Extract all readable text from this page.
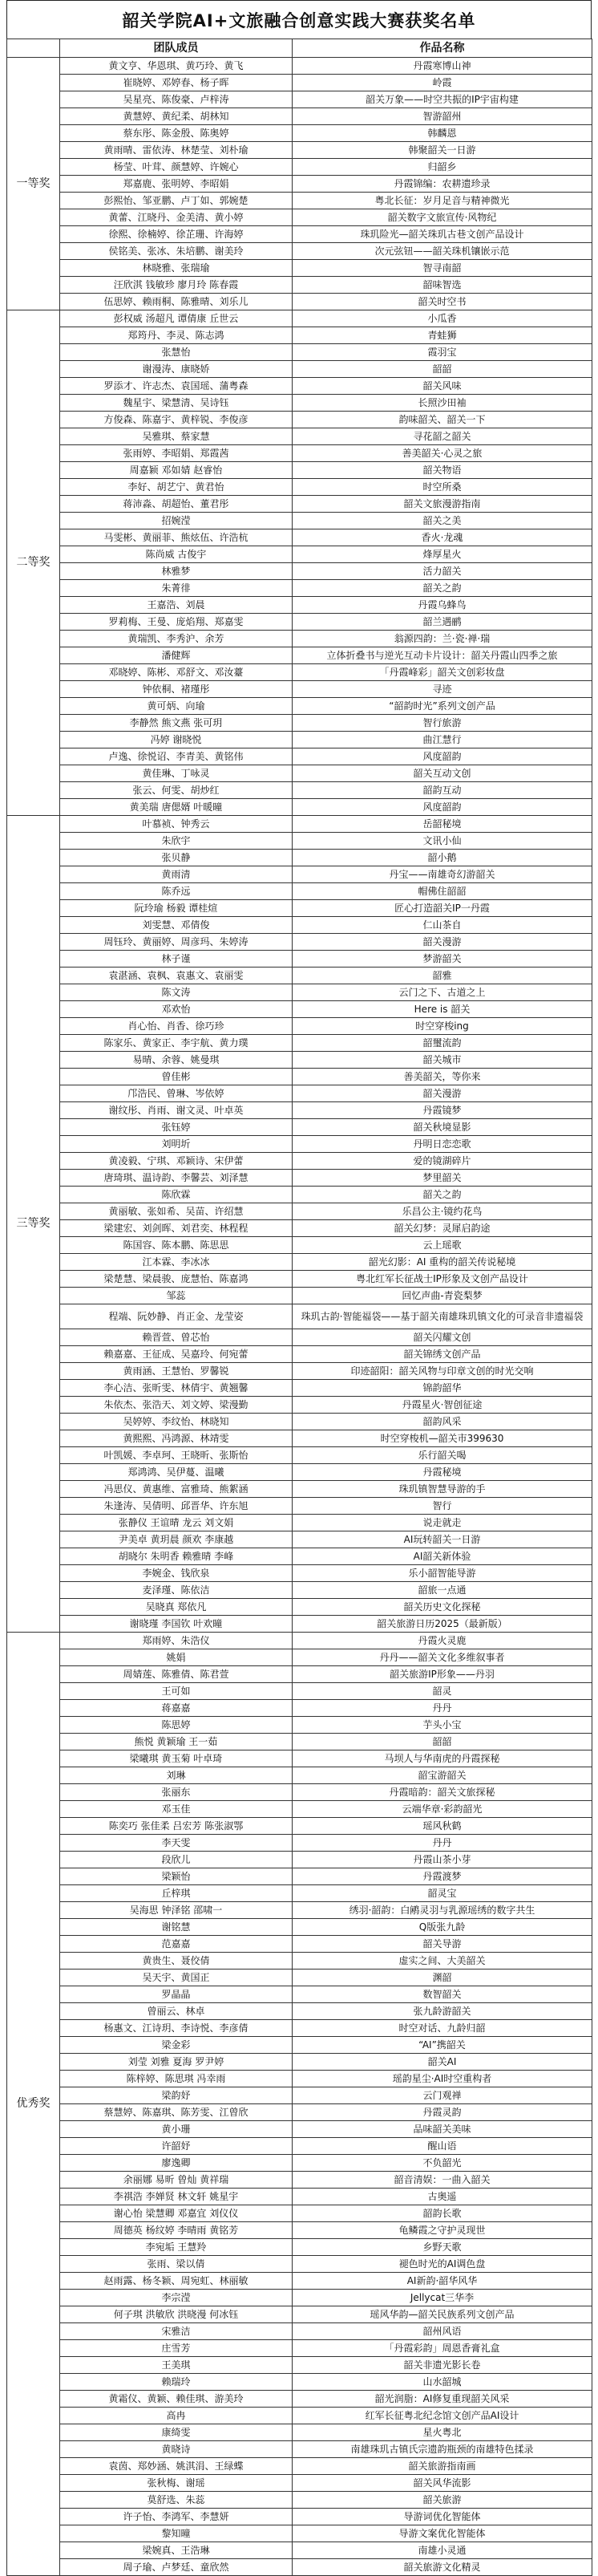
韶关学院AI+文旅融合创意实践大赛获奖名单
	团队成员	作品名称
一等奖	黄文亨、华恩琪、黄巧玲、黄飞	丹霞寒博山神
	崔晓婷、邓婷春、杨子晖	岭霞
	吴星亮、陈俊豪、卢梓涛	韶关万象——时空共振的IP宇宙构建
	黄慧婷、黄纪柔、胡林知	智游韶州
	蔡东彤、陈金殷、陈奥婷	韩麟恩
	黄雨晴、雷依涛、林楚莹、刘朴瑜	韩聚韶关一日游
	杨莹、叶茸、颜慧婷、许婉心	归韶乡
	郑嘉鹿、张明婷、李昭娟	丹霞锦编：农耕遗珍录
	彭熙怡、邹亚鹏、卢丁如、郭婉楚	粤北长征：岁月足音与精神微光
	黄蕾、江晓丹、金美清、黄小婷	韶关数字文旅宣传·风物纪
	徐熙、徐楠婷、徐芷珊、许海婷	珠玑险光—韶关珠玑古巷文创产品设计
	侯铭美、张冰、朱培鹏、谢美玲	次元弦钮——韶关珠机镶嵌示范
	林晓雅、张瑞瑜	智寻南韶
	汪欣淇 钱敏珍 廖月玲 陈春霞	韶味智选
	伍思婷、赖雨桐、陈雅晴、刘乐儿	韶关时空书
二等奖	彭权威 汤超凡 谭倩康 丘世云	小瓜香
	郑筠丹、李灵、陈志鸿	青蛙狮
	张慧怡	霞羽宝
	谢漫涛、康晓娇	韶韶
	罗添才、许志杰、袁国瑶、蒲粤森	韶关风味
	魏星宇、梁慧清、吴诗钰	长照沙田袖
	方俊森、陈嘉宇、黄梓锐、李俊彦	韵味韶关、韶关一下
	吴雅琪、蔡家慧	寻花韶之韶关
	张雨婷、李昭娟、郑霞茜	善美韶关·心灵之旅
	周嘉颖 邓如婧 赵睿怡	韶关物语
	李好、胡艺宁、黄君怡	时空所桑
	蒋沛淼、胡超怡、董君彤	韶关文旅漫游指南
	招婉滢	韶关之美
	马雯彬、黄丽菲、熊炫伍、许浩杭	香火·龙魂
	陈尚威 古俊宇	烽厚星火
	林雅梦	活力韶关
	朱菁徘	韶关之韵
	王嘉浩、刘晨	丹霞乌蜂鸟
	罗莉梅、王曼、庞焰翔、郑嘉雯	韶兰遇鹂
	黄瑞凯、李秀沪、余芳	翁源四韵：兰·瓷·禅·瑞
	潘健辉	立体折叠书与逆光互动卡片设计：韶关丹霞山四季之旅
	邓晓婷、陈彬、邓舒文、邓汝薹	「丹霞峰彩」韶关文创彩妆盘
	钟依桐、褚瑾彤	寻迹
	黄可炳、向瑜	“韶韵时光”系列文创产品
	李静然 熊文燕 张可玥	智行旅游
	冯婷 谢晓悦	曲江慧行
	卢逸、徐悦诏、李青美、黄铭伟	风度韶韵
	黄佳琳、丁咏灵	韶关互动文创
	张云、何雯、胡炒红	韶韵互动
	黄美瑞 唐偲婿 叶暖曈	风度韶韵
三等奖	叶慕祯、钟秀云	岳韶秘境
	朱欣宇	文讯小仙
	张贝静	韶小鹅
	黄雨清	丹宝——南雄奇幻游韶关
	陈乔远	帽佛住韶韶
	阮玲瑜 杨毅 谭桂煊	匠心打造韶关IP一丹霞
	刘雯慧、邓倩俊	仁山茶自
	周钰玲、黄丽婷、周彦玛、朱婷涛	韶关漫游
	林子谨	梦游韶关
	袁湛涵、袁枫、袁惠文、袁丽雯	韶雅
	陈文涛	云门之下、古道之上
	邓欢怡	Here is 韶关
	肖心怡、肖香、徐巧珍	时空穿梭ing
	陈家乐、黄家正、李宇航、黄力璞	韶璽流韵
	易晴、余蓉、姚曼琪	韶关城市
	曾佳彬	善美韶关，等你来
	邝浩民、曾琳、岑依婷	韶关漫游
	谢纹彤、肖雨、谢文灵、叶卓英	丹霞镜梦
	张钰婷	韶关秋境显影
	刘明圻	丹明日恋恋歌
	黄凌毅、宁琪、邓颖诗、宋伊蕾	爱的镜湖碎片
	唐琦琪、温诗韵、李馨芸、刘泽慧	梦里韶关
	陈欣霖	韶关之韵
	黄丽敏、张如希、吴苗、许绍慧	乐昌公主·镜约花鸟
	梁建宏、刘剑晖、刘君奕、林程程	韶关幻梦：灵犀启韵途
	陈国容、陈本鹏、陈思思	云上瑶歌
	江本霖、李冰冰	韶光幻影：AI 重构的韶关传说秘境
	梁楚慧、梁晨骏、庞慧怡、陈嘉鸿	粤北红军长征战士IP形象及文创产品设计
	邹蕊	回忆声曲-青瓷梨梦
	程端、阮妙静、肖正金、龙莹姿	珠玑古韵·智能福袋——基于韶关南雄珠玑镇文化的可录音非遗福袋
	赖晋萱、曾芯怡	韶关闪耀文创
	赖嘉嘉、王征成、吴嘉玲、何宛蕾	韶关锦绣文创产品
	黄雨涵、王慧怡、罗馨锐	印迹韶阳：韶关风物与印章文创的时光交响
	李心洁、张昕雯、林倩宇、黄翘馨	锦韵韶华
	朱依杰、张浩天、刘文婷、梁漫勤	丹霞星火·智创征途
	吴婷婷、李纹怡、林晓知	韶韵风采
	黄熙熙、冯鸿源、林靖雯	时空穿梭机—韶关市399630
	叶凯媛、李卓珂、王晓昕、张斯怡	乐行韶关喝
	郑鸿鸿、吴伊蔓、温曦	丹霞秘境
	冯思仪、黄惠维、富雅琦、熊絮涵	珠玑镇智慧导游的手
	朱逢涛、吴倩明、邱晋华、许东旭	智行
	张静仪 王谊晴 龙云 刘文娟	说走就走
	尹美卓 黄玥晨 颜欢 李康越	AI玩转韶关一日游
	胡晓尔 朱明香 赖雅晴 李峰	AI韶关新体验
	李婉金、钱欣泉	乐小韶智能导游
	麦泽瑾、陈依洁	韶旅一点通
	吴晓真 郑依凡	韶关历史文化探秘
	谢晓瑾 李国钦 叶欢曈	韶关旅游日历2025（最新版）
优秀奖	郑雨婷、朱浩仪	丹霞火灵鹿
	姚娟	丹丹——韶关文化多维叙事者
	周婧莲、陈雅倩、陈君萱	韶关旅游IP形象——丹羽
	王可如	韶灵
	蒋嘉嘉	丹丹
	陈思婷	芋头小宝
	熊悦 黄颖瑜 王一茹	韶韶
	梁曦琪 黄玉菊 叶卓琦	马坝人与华南虎的丹霞探秘
	刘琳	韶宝游韶关
	张丽东	丹霞暗韵：韶关文旅探秘
	邓玉佳	云端华章·彩韵韶光
	陈奕巧 张佳柔 吕宏芳 陈张淑鄂	瑶风秋鹤
	李天雯	丹丹
	段欣儿	丹霞山茶小芽
	梁颖怡	丹霞渡梦
	丘梓琪	韶灵宝
	吴海思 钟泽铭 邵啸一	绣羽·韶韵：白鹇灵羽与乳源瑶绣的数字共生
	谢铭慧	Q版张九龄
	范嘉嘉	韶关导游
	黄贵生、聂佼倩	虚实之间、大美韶关
	吴天宇、黄国正	渊韶
	罗晶晶	数智韶关
	曾丽云、林卓	张九龄游韶关
	杨惠文、江诗玥、李诗悦、李彦倩	时空对话、九龄归韶
	梁金彩	“AI”携韶关
	刘莹 刘雅 夏海 罗尹婷	韶关AI
	陈梓婷、陈思琪 冯幸雨	瑶韵星尘·AI时空重构者
	梁韵妤	云门观禅
	蔡慧婷、陈嘉琪、陈芳雯、江曾欣	丹霞灵韵
	黄小珊	品味韶关美味
	许韶妤	醒山语
	廖逸卿	不负韶光
	余丽娜 易昕 曾灿 黄祥瑞	韶音清娱：一曲入韶关
	李祺浩 李婵贤 林文轩 姚星宇	古奥遥
	谢心怡 梁慧卿 邓嘉宜 刘仪仪	韶韵长歌
	周德英 杨纹婷 李晴雨 黄铭芳	龟鳞霞之守护灵现世
	李宛垢 王慧羚	乡野天歌
	张雨、梁以倩	褪色时光的AI调色盘
	赵雨露、杨冬颖、周宛虹、林丽敏	AI新韵·韶华风华
	李宗滢	Jellycat三华李
	何子琪 洪敏欣 洪晓漫 何冰钰	瑶风华韵—韶关民族系列文创产品
	宋雅洁	韶州风语
	庄雪芳	「丹霞彩韵」周恩香膏礼盒
	王美琪	韶关非遗光影长卷
	赖瑞玲	山水韶城
	黄霜仪、黄颖、赖佳琪、游美玲	韶光润脂：AI修复重现韶关风采
	高冉	红军长征粤北纪念馆文创产品AI设计
	康绮雯	星火粤北
	黄晓诗	南雄珠玑古镇氏宗遗韵瓶颈的南雄特色揉录
	袁茵、郑妙涵、姚淇涓、王绿蝶	韶关旅游指南画
	张秋梅、谢瑶	韶关风华流影
	莫舒选、朱蕊	韶关旅游
	许子怡、李鸿军、李慧妍	导游词优化智能体
	黎知曈	导游文案优化智能体
	梁婉真、王浩琳	南雄小灵通
	周子瑜、卢梦廷、童欣然	韶关旅游文化精灵
